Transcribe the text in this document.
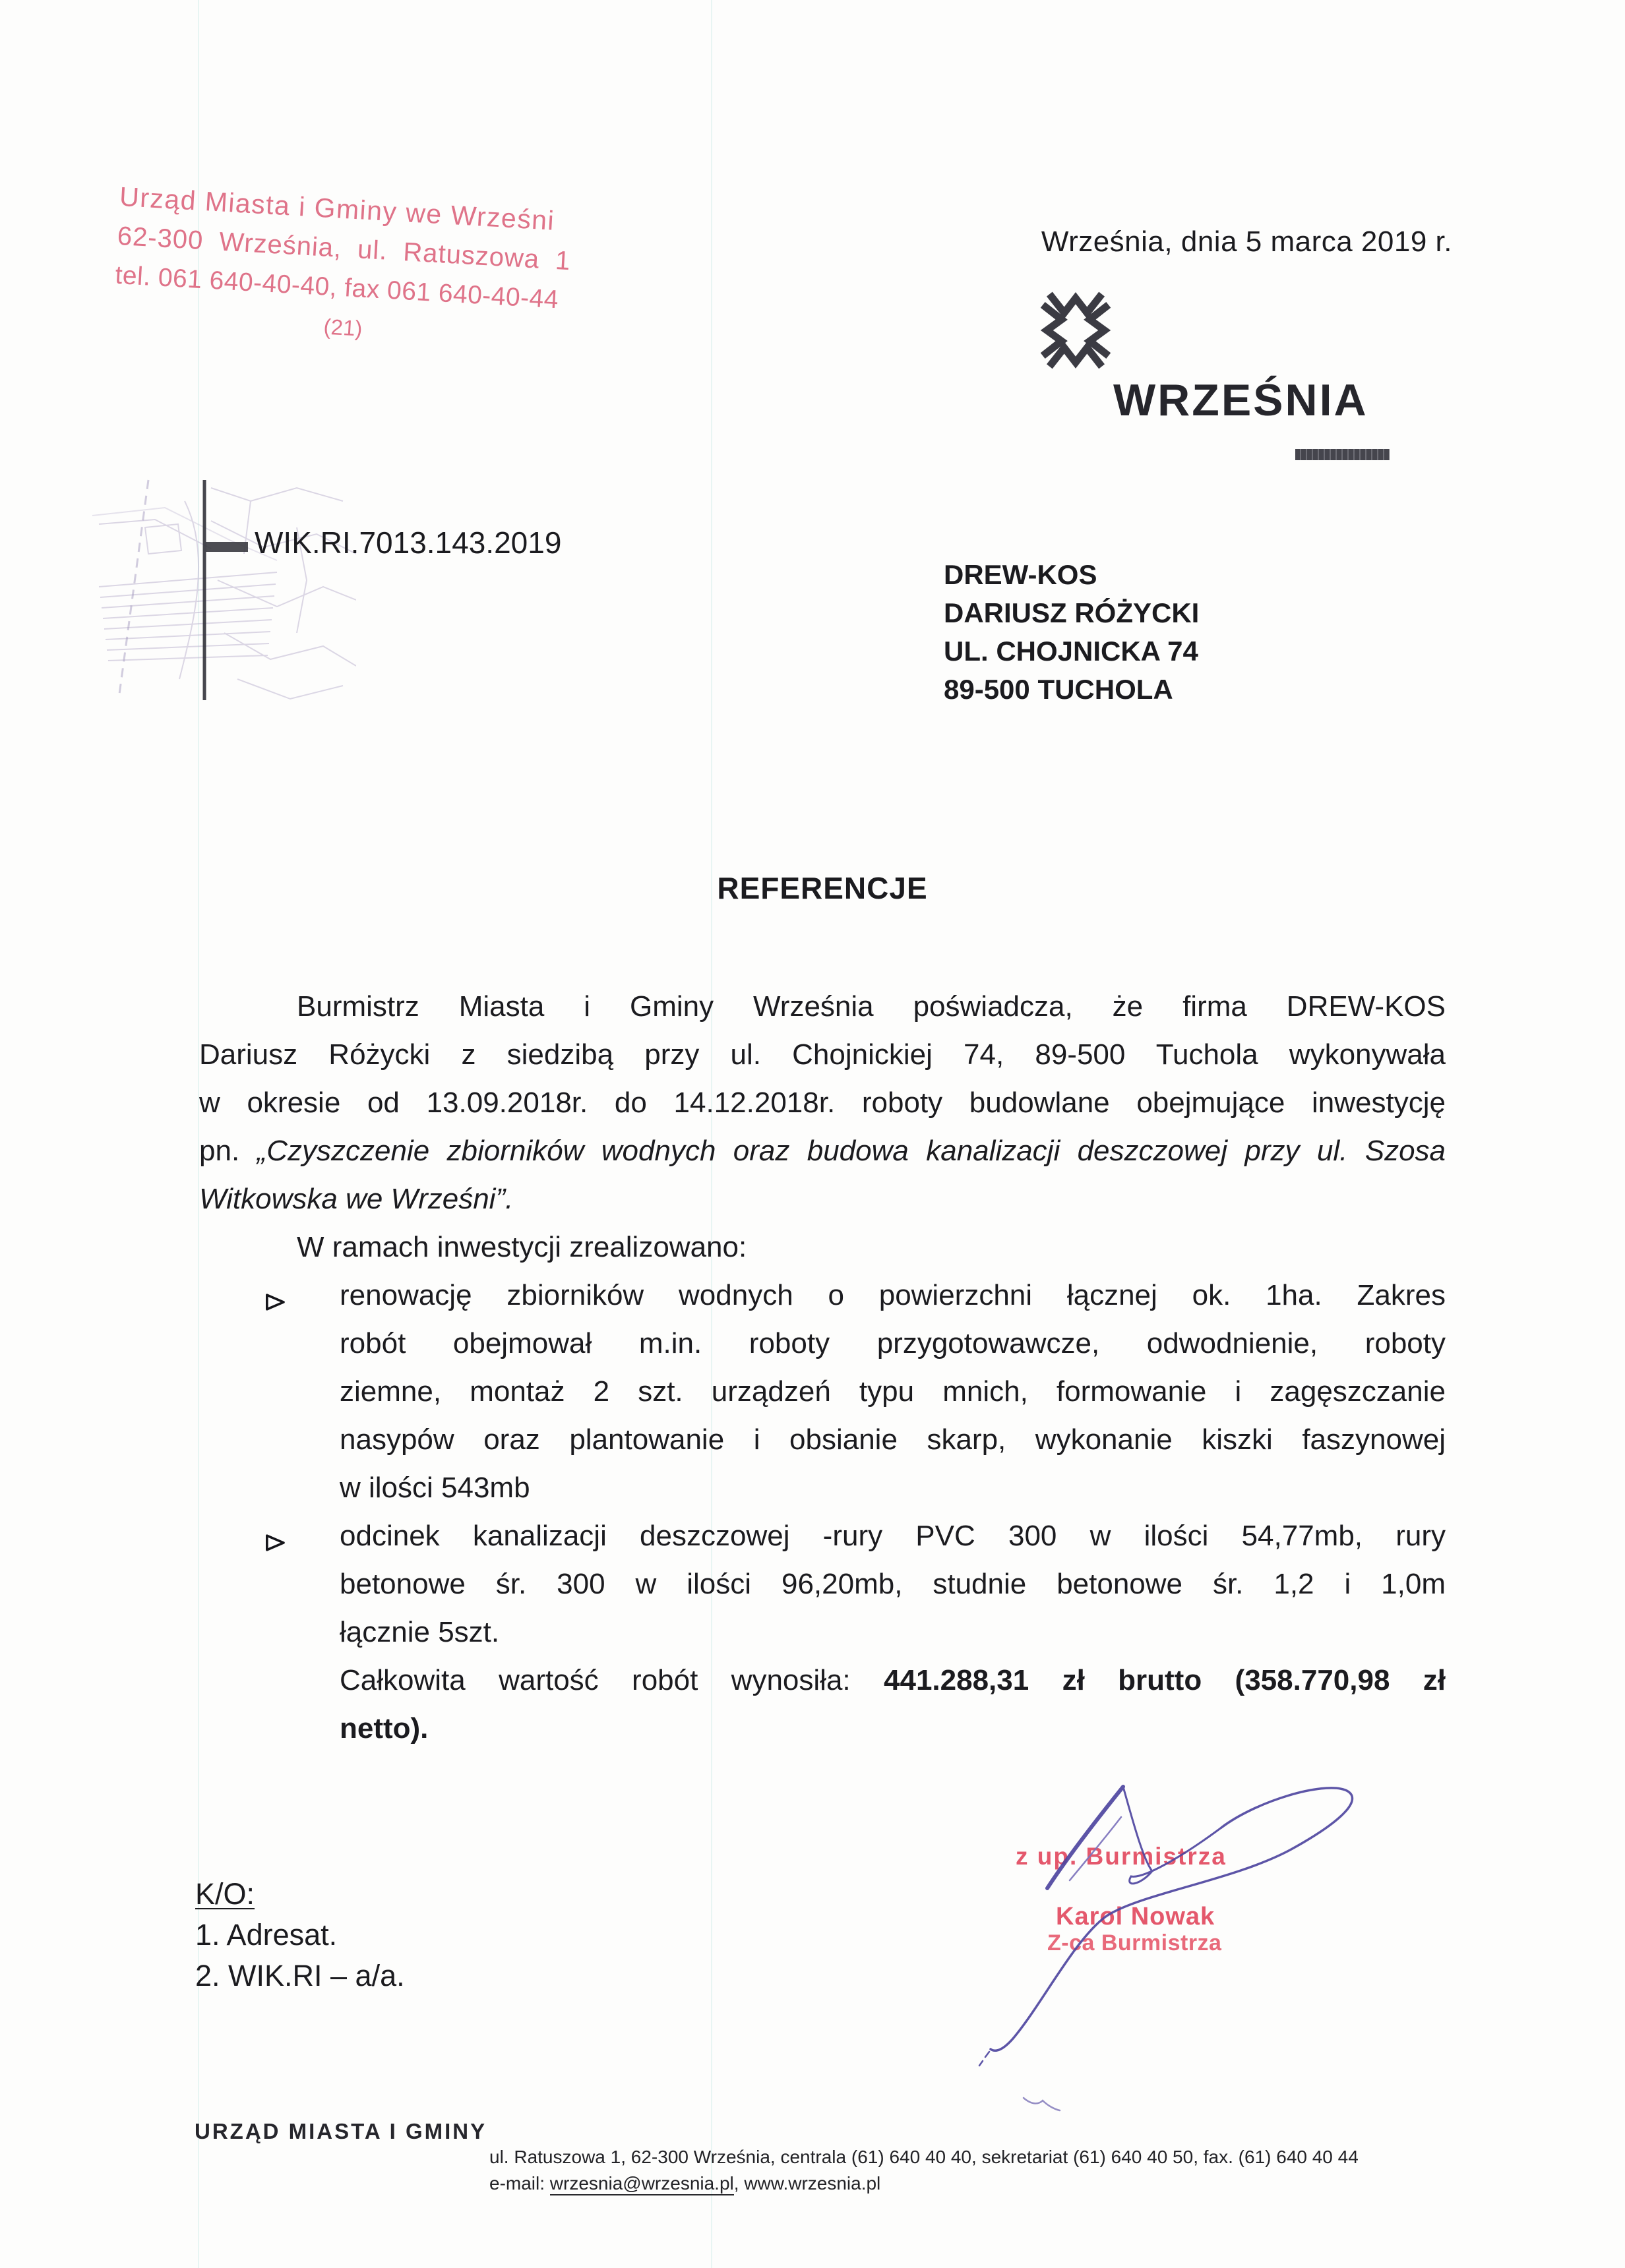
Urząd Miasta i Gminy we Wrześni
62-300 Września, ul. Ratuszowa 1
tel. 061 640-40-40, fax 061 640-40-44
(21)
Września, dnia 5 marca 2019 r.
WRZEŚNIA
WIK.RI.7013.143.2019
DREW-KOS
DARIUSZ RÓŻYCKI
UL. CHOJNICKA 74
89-500 TUCHOLA
REFERENCJE
Burmistrz Miasta i Gminy Września poświadcza, że firma DREW-KOS
Dariusz Różycki z siedzibą przy ul. Chojnickiej 74, 89-500 Tuchola wykonywała
w okresie od 13.09.2018r. do 14.12.2018r. roboty budowlane obejmujące inwestycję
pn. „Czyszczenie zbiorników wodnych oraz budowa kanalizacji deszczowej przy ul. Szosa
Witkowska we Wrześni”.
W ramach inwestycji zrealizowano:
renowację zbiorników wodnych o powierzchni łącznej ok. 1ha. Zakres
robót obejmował m.in. roboty przygotowawcze, odwodnienie, roboty
ziemne, montaż 2 szt. urządzeń typu mnich, formowanie i zagęszczanie
nasypów oraz plantowanie i obsianie skarp, wykonanie kiszki faszynowej
w ilości 543mb
odcinek kanalizacji deszczowej -rury PVC 300 w ilości 54,77mb, rury
betonowe śr. 300 w ilości 96,20mb, studnie betonowe śr. 1,2 i 1,0m
łącznie 5szt.
Całkowita wartość robót wynosiła: 441.288,31 zł brutto (358.770,98 zł
netto).
z up. Burmistrza
Karol Nowak
Z-ca Burmistrza
K/O:
1. Adresat.
2. WIK.RI – a/a.
URZĄD MIASTA I GMINY
ul. Ratuszowa 1, 62-300 Września, centrala (61) 640 40 40, sekretariat (61) 640 40 50, fax. (61) 640 40 44
e-mail: wrzesnia@wrzesnia.pl, www.wrzesnia.pl
